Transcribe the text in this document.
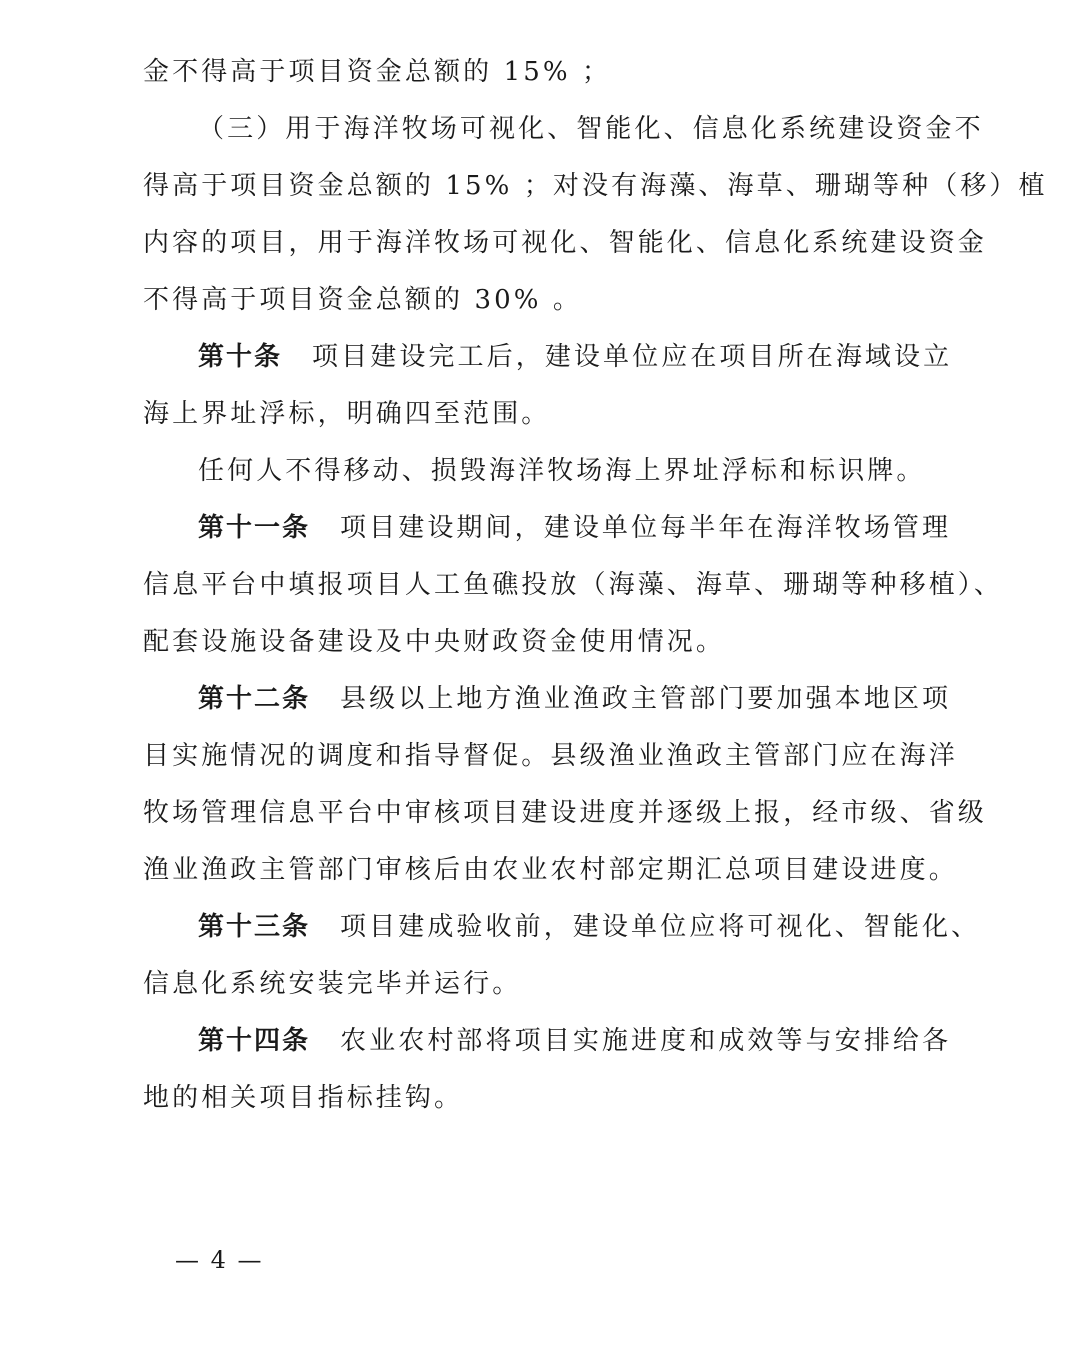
金不得高于项目资金总额的 15% ；
（三）用于海洋牧场可视化、智能化、信息化系统建设资金不
得高于项目资金总额的 15% ；对没有海藻、海草、珊瑚等种（移）植
内容的项目，用于海洋牧场可视化、智能化、信息化系统建设资金
不得高于项目资金总额的 30% 。
第十条 项目建设完工后，建设单位应在项目所在海域设立
海上界址浮标，明确四至范围。
任何人不得移动、损毁海洋牧场海上界址浮标和标识牌。
第十一条 项目建设期间，建设单位每半年在海洋牧场管理
信息平台中填报项目人工鱼礁投放（海藻、海草、珊瑚等种移植）、
配套设施设备建设及中央财政资金使用情况。
第十二条 县级以上地方渔业渔政主管部门要加强本地区项
目实施情况的调度和指导督促。县级渔业渔政主管部门应在海洋
牧场管理信息平台中审核项目建设进度并逐级上报，经市级、省级
渔业渔政主管部门审核后由农业农村部定期汇总项目建设进度。
第十三条 项目建成验收前，建设单位应将可视化、智能化、
信息化系统安装完毕并运行。
第十四条 农业农村部将项目实施进度和成效等与安排给各
地的相关项目指标挂钩。
— 4 —
